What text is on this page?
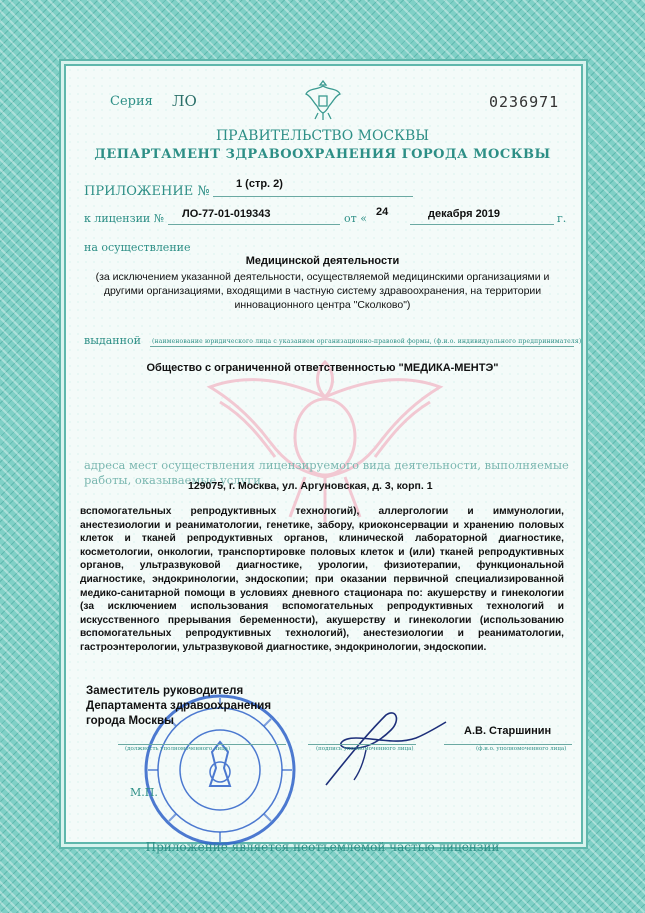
Серия ЛО	0236971
ПРАВИТЕЛЬСТВО МОСКВЫ
ДЕПАРТАМЕНТ ЗДРАВООХРАНЕНИЯ ГОРОДА МОСКВЫ
ПРИЛОЖЕНИЕ № 1 (стр. 2)
к лицензии № ЛО-77-01-019343	от « 24	декабря 2019	г.
на осуществление
Медицинской деятельности
(за исключением указанной деятельности, осуществляемой медицинскими организациями и другими организациями, входящими в частную систему здравоохранения, на территории инновационного центра "Сколково")
выданной (наименование юридического лица с указанием организационно-правовой формы, (ф.и.о. индивидуального предпринимателя)
Общество с ограниченной ответственностью "МЕДИКА-МЕНТЭ"
адреса мест осуществления лицензируемого вида деятельности, выполняемые работы, оказываемые услуги
129075, г. Москва, ул. Аргуновская, д. 3, корп. 1
вспомогательных репродуктивных технологий), аллергологии и иммунологии, анестезиологии и реаниматологии, генетике, забору, криоконсервации и хранению половых клеток и тканей репродуктивных органов, клинической лабораторной диагностике, косметологии, онкологии, транспортировке половых клеток и (или) тканей репродуктивных органов, ультразвуковой диагностике, урологии, физиотерапии, функциональной диагностике, эндокринологии, эндоскопии; при оказании первичной специализированной медико-санитарной помощи в условиях дневного стационара по: акушерству и гинекологии (за исключением использования вспомогательных репродуктивных технологий и искусственного прерывания беременности), акушерству и гинекологии (использованию вспомогательных репродуктивных технологий), анестезиологии и реаниматологии, гастроэнтерологии, ультразвуковой диагностике, эндокринологии, эндоскопии.
Заместитель руководителя Департамента здравоохранения города Москвы
А.В. Старшинин
(должность уполномоченного лица)	(подпись уполномоченного лица)	(ф.и.о. уполномоченного лица)
М.П.
Приложение является неотъемлемой частью лицензии
